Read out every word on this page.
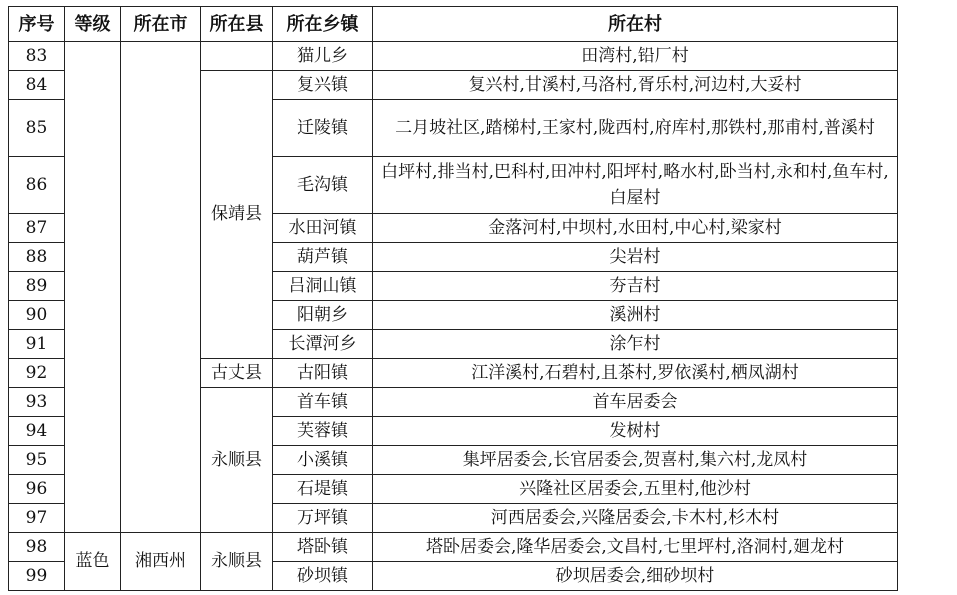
序号	等级	所在市	所在县	所在乡镇	所在村
83				猫儿乡	田湾村,铅厂村
84			保靖县	复兴镇	复兴村,甘溪村,马洛村,胥乐村,河边村,大妥村
85				迁陵镇	二月坡社区,踏梯村,王家村,陇西村,府库村,那铁村,那甫村,普溪村
86				毛沟镇	白坪村,排当村,巴科村,田冲村,阳坪村,略水村,卧当村,永和村,鱼车村,白屋村
87				水田河镇	金落河村,中坝村,水田村,中心村,梁家村
88				葫芦镇	尖岩村
89				吕洞山镇	夯吉村
90				阳朝乡	溪洲村
91				长潭河乡	涂乍村
92			古丈县	古阳镇	江洋溪村,石碧村,且茶村,罗依溪村,栖凤湖村
93			永顺县	首车镇	首车居委会
94				芙蓉镇	发树村
95				小溪镇	集坪居委会,长官居委会,贺喜村,集六村,龙凤村
96				石堤镇	兴隆社区居委会,五里村,他沙村
97				万坪镇	河西居委会,兴隆居委会,卡木村,杉木村
98	蓝色	湘西州	永顺县	塔卧镇	塔卧居委会,隆华居委会,文昌村,七里坪村,洛洞村,廻龙村
99				砂坝镇	砂坝居委会,细砂坝村
